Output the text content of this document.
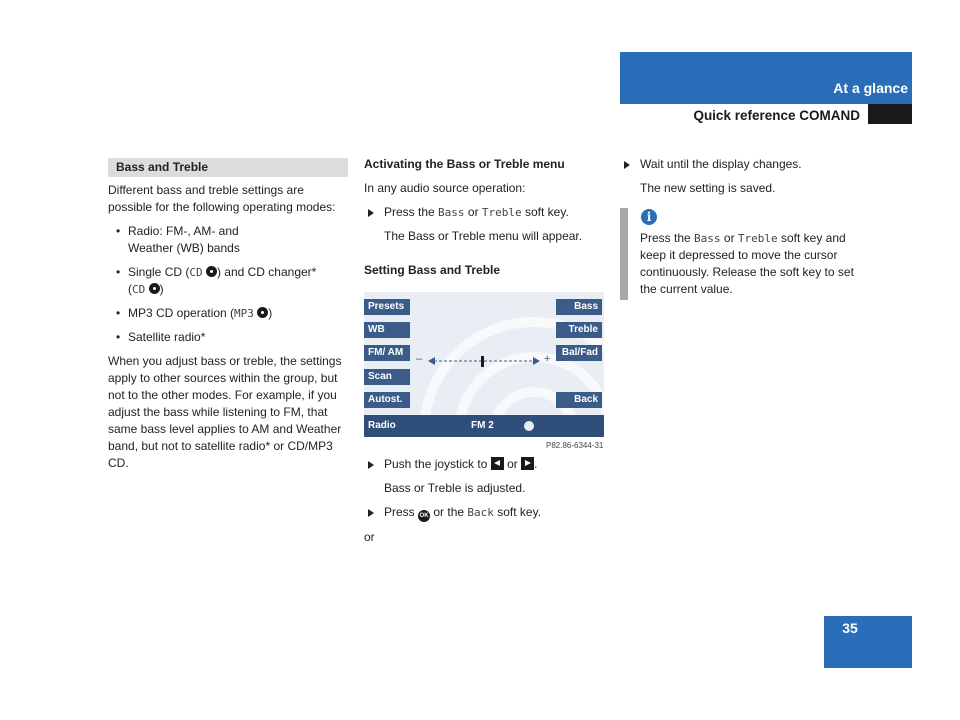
At a glance
Quick reference COMAND
Bass and Treble

Different bass and treble settings are possible for the following operating modes:

• Radio: FM-, AM- and
Weather (WB) bands
• Single CD (CD ) and CD changer*
(CD )
• MP3 CD operation (MP3 )
• Satellite radio*

When you adjust bass or treble, the settings apply to other sources within the group, but not to the other modes. For example, if you adjust the bass while listening to FM, that same bass level applies to AM and Weather band, but not to satellite radio* or CD/MP3 CD.

Activating the Bass or Treble menu

In any audio source operation:

Press the Bass or Treble soft key.

The Bass or Treble menu will appear.

Setting Bass and Treble

Presets
WB
FM/ AM
Scan
Autost.
Bass
Treble
Bal/Fad
Back
–	+
Radio	FM 2
P82.86-6344-31
Push the joystick to or .

Bass or Treble is adjusted.

Press OK or the Back soft key.

or

Wait until the display changes.

The new setting is saved.

i
Press the Bass or Treble soft key and keep it depressed to move the cursor continuously. Release the soft key to set the current value.
35
